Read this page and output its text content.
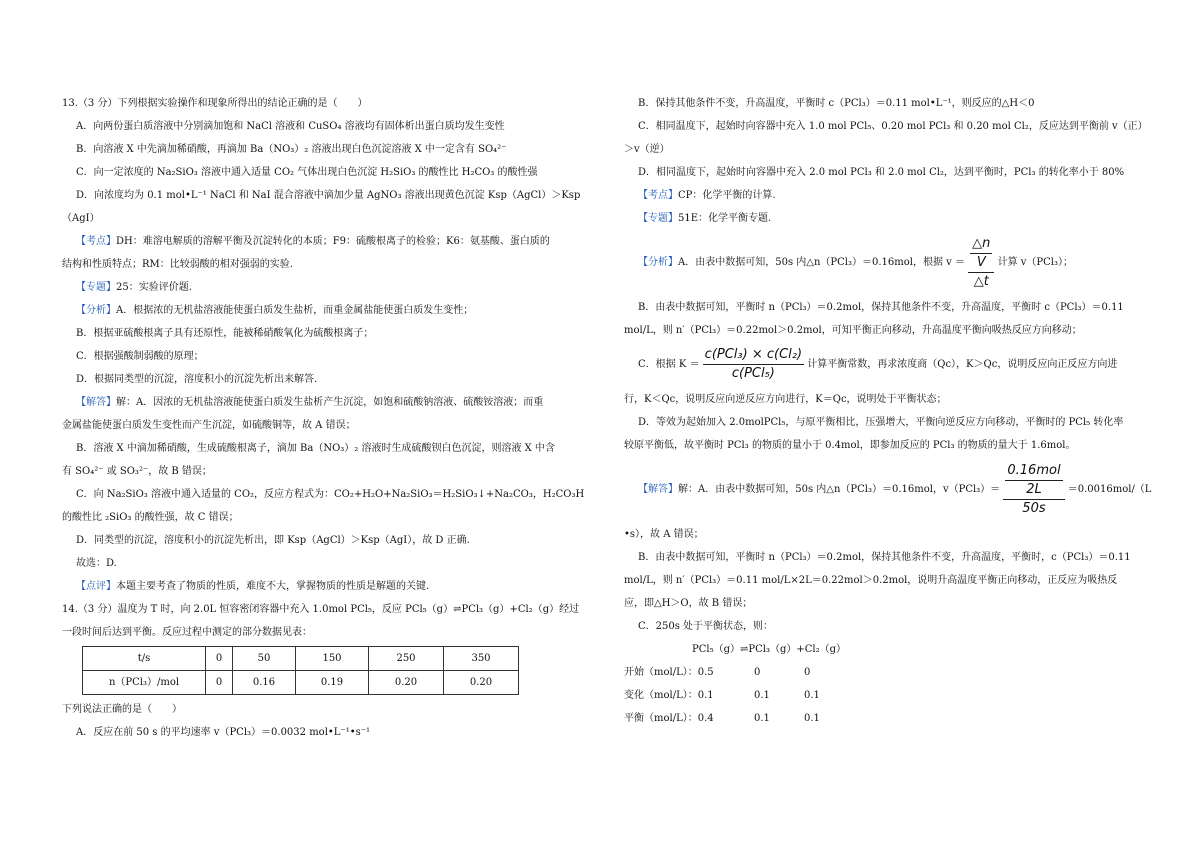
13.（3 分）下列根据实验操作和现象所得出的结论正确的是（　　）
A．向两份蛋白质溶液中分别滴加饱和 NaCl 溶液和 CuSO₄ 溶液均有固体析出蛋白质均发生变性
B．向溶液 X 中先滴加稀硝酸，再滴加 Ba（NO₃）₂ 溶液出现白色沉淀溶液 X 中一定含有 SO₄²⁻
C．向一定浓度的 Na₂SiO₃ 溶液中通入适量 CO₂ 气体出现白色沉淀 H₂SiO₃ 的酸性比 H₂CO₃ 的酸性强
D．向浓度均为 0.1 mol•L⁻¹ NaCl 和 NaI 混合溶液中滴加少量 AgNO₃ 溶液出现黄色沉淀 Ksp（AgCl）＞Ksp
（AgI）
【考点】DH：难溶电解质的溶解平衡及沉淀转化的本质；F9：硫酸根离子的检验；K6：氨基酸、蛋白质的
结构和性质特点；RM：比较弱酸的相对强弱的实验.
【专题】25：实验评价题.
【分析】A．根据浓的无机盐溶液能使蛋白质发生盐析，而重金属盐能使蛋白质发生变性；
B．根据亚硫酸根离子具有还原性，能被稀硝酸氧化为硫酸根离子；
C．根据强酸制弱酸的原理；
D．根据同类型的沉淀，溶度积小的沉淀先析出来解答.
【解答】解：A．因浓的无机盐溶液能使蛋白质发生盐析产生沉淀，如饱和硫酸钠溶液、硫酸铵溶液；而重
金属盐能使蛋白质发生变性而产生沉淀，如硫酸铜等，故 A 错误；
B．溶液 X 中滴加稀硝酸，生成硫酸根离子，滴加 Ba（NO₃）₂ 溶液时生成硫酸钡白色沉淀，则溶液 X 中含
有 SO₄²⁻ 或 SO₃²⁻，故 B 错误；
C．向 Na₂SiO₃ 溶液中通入适量的 CO₂，反应方程式为：CO₂+H₂O+Na₂SiO₃＝H₂SiO₃↓+Na₂CO₃，H₂CO₃H
的酸性比 ₂SiO₃ 的酸性强，故 C 错误；
D．同类型的沉淀，溶度积小的沉淀先析出，即 Ksp（AgCl）＞Ksp（AgI），故 D 正确.
故选：D.
【点评】本题主要考查了物质的性质，难度不大，掌握物质的性质是解题的关键.
14.（3 分）温度为 T 时，向 2.0L 恒容密闭容器中充入 1.0mol PCl₅，反应 PCl₅（g）⇌PCl₃（g）+Cl₂（g）经过
一段时间后达到平衡。反应过程中测定的部分数据见表：
t/s	0	50	150	250	350
n（PCl₃）/mol	0	0.16	0.19	0.20	0.20
下列说法正确的是（　　）
A．反应在前 50 s 的平均速率 v（PCl₃）＝0.0032 mol•L⁻¹•s⁻¹
B．保持其他条件不变，升高温度，平衡时 c（PCl₃）＝0.11 mol•L⁻¹，则反应的△H＜0
C．相同温度下，起始时向容器中充入 1.0 mol PCl₅、0.20 mol PCl₃ 和 0.20 mol Cl₂，反应达到平衡前 v（正）
＞v（逆）
D．相同温度下，起始时向容器中充入 2.0 mol PCl₃ 和 2.0 mol Cl₂，达到平衡时，PCl₃ 的转化率小于 80%
【考点】CP：化学平衡的计算.
【专题】51E：化学平衡专题.
【分析】A．由表中数据可知，50s 内△n（PCl₃）＝0.16mol，根据 $v = \frac{\frac{\triangle n}{V}}{\triangle t}$ 计算 v（PCl₃）；
B．由表中数据可知，平衡时 n（PCl₃）＝0.2mol，保持其他条件不变，升高温度，平衡时 c（PCl₃）＝0.11
mol/L，则 n′（PCl₃）＝0.22mol＞0.2mol，可知平衡正向移动，升高温度平衡向吸热反应方向移动；
C．根据 K ＝
c(PCl₃) × c(Cl₂)
c(PCl₅)
计算平衡常数，再求浓度商（Qc），K＞Qc，说明反应向正反应方向进
行，K＜Qc，说明反应向逆反应方向进行，K＝Qc，说明处于平衡状态；
D．等效为起始加入 2.0molPCl₅，与原平衡相比，压强增大，平衡向逆反应方向移动，平衡时的 PCl₅ 转化率
较原平衡低，故平衡时 PCl₃ 的物质的量小于 0.4mol，即参加反应的 PCl₃ 的物质的量大于 1.6mol。
【解答】解：A．由表中数据可知，50s 内△n（PCl₃）＝0.16mol，v（PCl₃）＝
0.16mol
2L
50s
＝0.0016mol/（L
•s），故 A 错误；
B．由表中数据可知，平衡时 n（PCl₃）＝0.2mol，保持其他条件不变，升高温度，平衡时，c（PCl₃）＝0.11
mol/L，则 n′（PCl₃）＝0.11 mol/L×2L＝0.22mol＞0.2mol，说明升高温度平衡正向移动，正反应为吸热反
应，即△H＞O，故 B 错误；
C．250s 处于平衡状态，则：
PCl₅（g）⇌PCl₃（g）+Cl₂（g）
开始（mol/L）：0.5	0	0
变化（mol/L）：0.1	0.1	0.1
平衡（mol/L）：0.4	0.1	0.1
